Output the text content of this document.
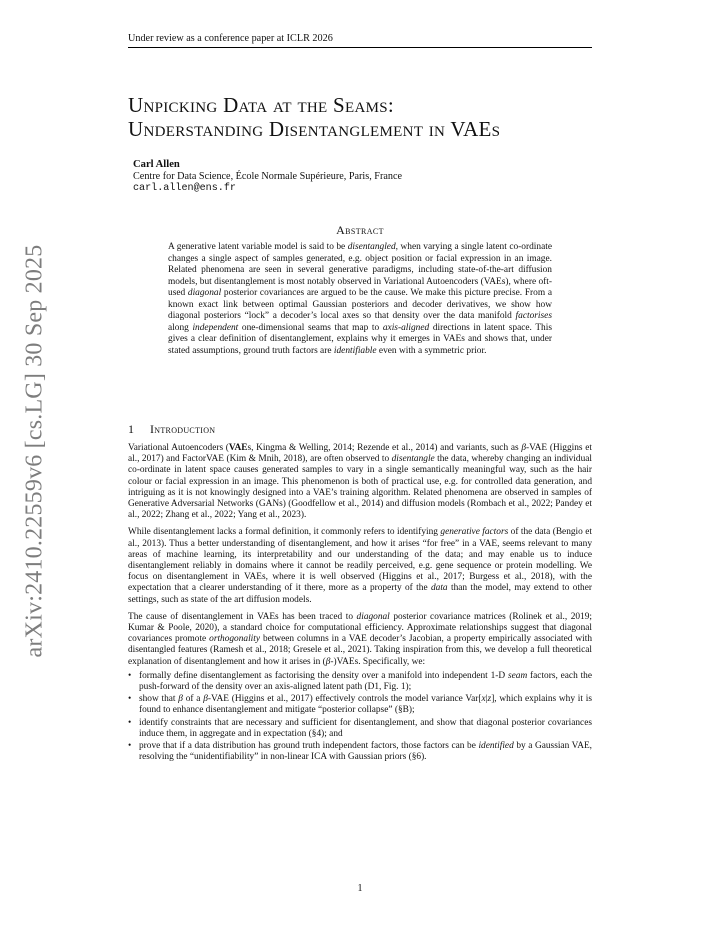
Under review as a conference paper at ICLR 2026
arXiv:2410.22559v6 [cs.LG] 30 Sep 2025
Unpicking Data at the Seams:
Understanding Disentanglement in VAEs
Carl Allen
Centre for Data Science, École Normale Supérieure, Paris, France
carl.allen@ens.fr
Abstract
A generative latent variable model is said to be disentangled, when varying a single latent co-ordinate changes a single aspect of samples generated, e.g. object position or facial expression in an image. Related phenomena are seen in several generative paradigms, including state-of-the-art diffusion models, but disentanglement is most notably observed in Variational Autoencoders (VAEs), where oft-used diagonal posterior covariances are argued to be the cause. We make this picture precise. From a known exact link between optimal Gaussian posteriors and decoder derivatives, we show how diagonal posteriors “lock” a decoder’s local axes so that density over the data manifold factorises along independent one-dimensional seams that map to axis-aligned directions in latent space. This gives a clear definition of disentanglement, explains why it emerges in VAEs and shows that, under stated assumptions, ground truth factors are identifiable even with a symmetric prior.
1 Introduction

Variational Autoencoders (VAEs, Kingma & Welling, 2014; Rezende et al., 2014) and variants, such as β-VAE (Higgins et al., 2017) and FactorVAE (Kim & Mnih, 2018), are often observed to disentangle the data, whereby changing an individual co-ordinate in latent space causes generated samples to vary in a single semantically meaningful way, such as the hair colour or facial expression in an image. This phenomenon is both of practical use, e.g. for controlled data generation, and intriguing as it is not knowingly designed into a VAE’s training algorithm. Related phenomena are observed in samples of Generative Adversarial Networks (GANs) (Goodfellow et al., 2014) and diffusion models (Rombach et al., 2022; Pandey et al., 2022; Zhang et al., 2022; Yang et al., 2023).

While disentanglement lacks a formal definition, it commonly refers to identifying generative factors of the data (Bengio et al., 2013). Thus a better understanding of disentanglement, and how it arises “for free” in a VAE, seems relevant to many areas of machine learning, its interpretability and our understanding of the data; and may enable us to induce disentanglement reliably in domains where it cannot be readily perceived, e.g. gene sequence or protein modelling. We focus on disentanglement in VAEs, where it is well observed (Higgins et al., 2017; Burgess et al., 2018), with the expectation that a clearer understanding of it there, more as a property of the data than the model, may extend to other settings, such as state of the art diffusion models.

The cause of disentanglement in VAEs has been traced to diagonal posterior covariance matrices (Rolinek et al., 2019; Kumar & Poole, 2020), a standard choice for computational efficiency. Approximate relationships suggest that diagonal covariances promote orthogonality between columns in a VAE decoder’s Jacobian, a property empirically associated with disentangled features (Ramesh et al., 2018; Gresele et al., 2021). Taking inspiration from this, we develop a full theoretical explanation of disentanglement and how it arises in (β-)VAEs. Specifically, we:

• formally define disentanglement as factorising the density over a manifold into independent 1-D seam factors, each the push-forward of the density over an axis-aligned latent path (D1, Fig. 1);
• show that β of a β-VAE (Higgins et al., 2017) effectively controls the model variance Var[x|z], which explains why it is found to enhance disentanglement and mitigate “posterior collapse” (§B);
• identify constraints that are necessary and sufficient for disentanglement, and show that diagonal posterior covariances induce them, in aggregate and in expectation (§4); and
• prove that if a data distribution has ground truth independent factors, those factors can be identified by a Gaussian VAE, resolving the “unidentifiability” in non-linear ICA with Gaussian priors (§6).
1
